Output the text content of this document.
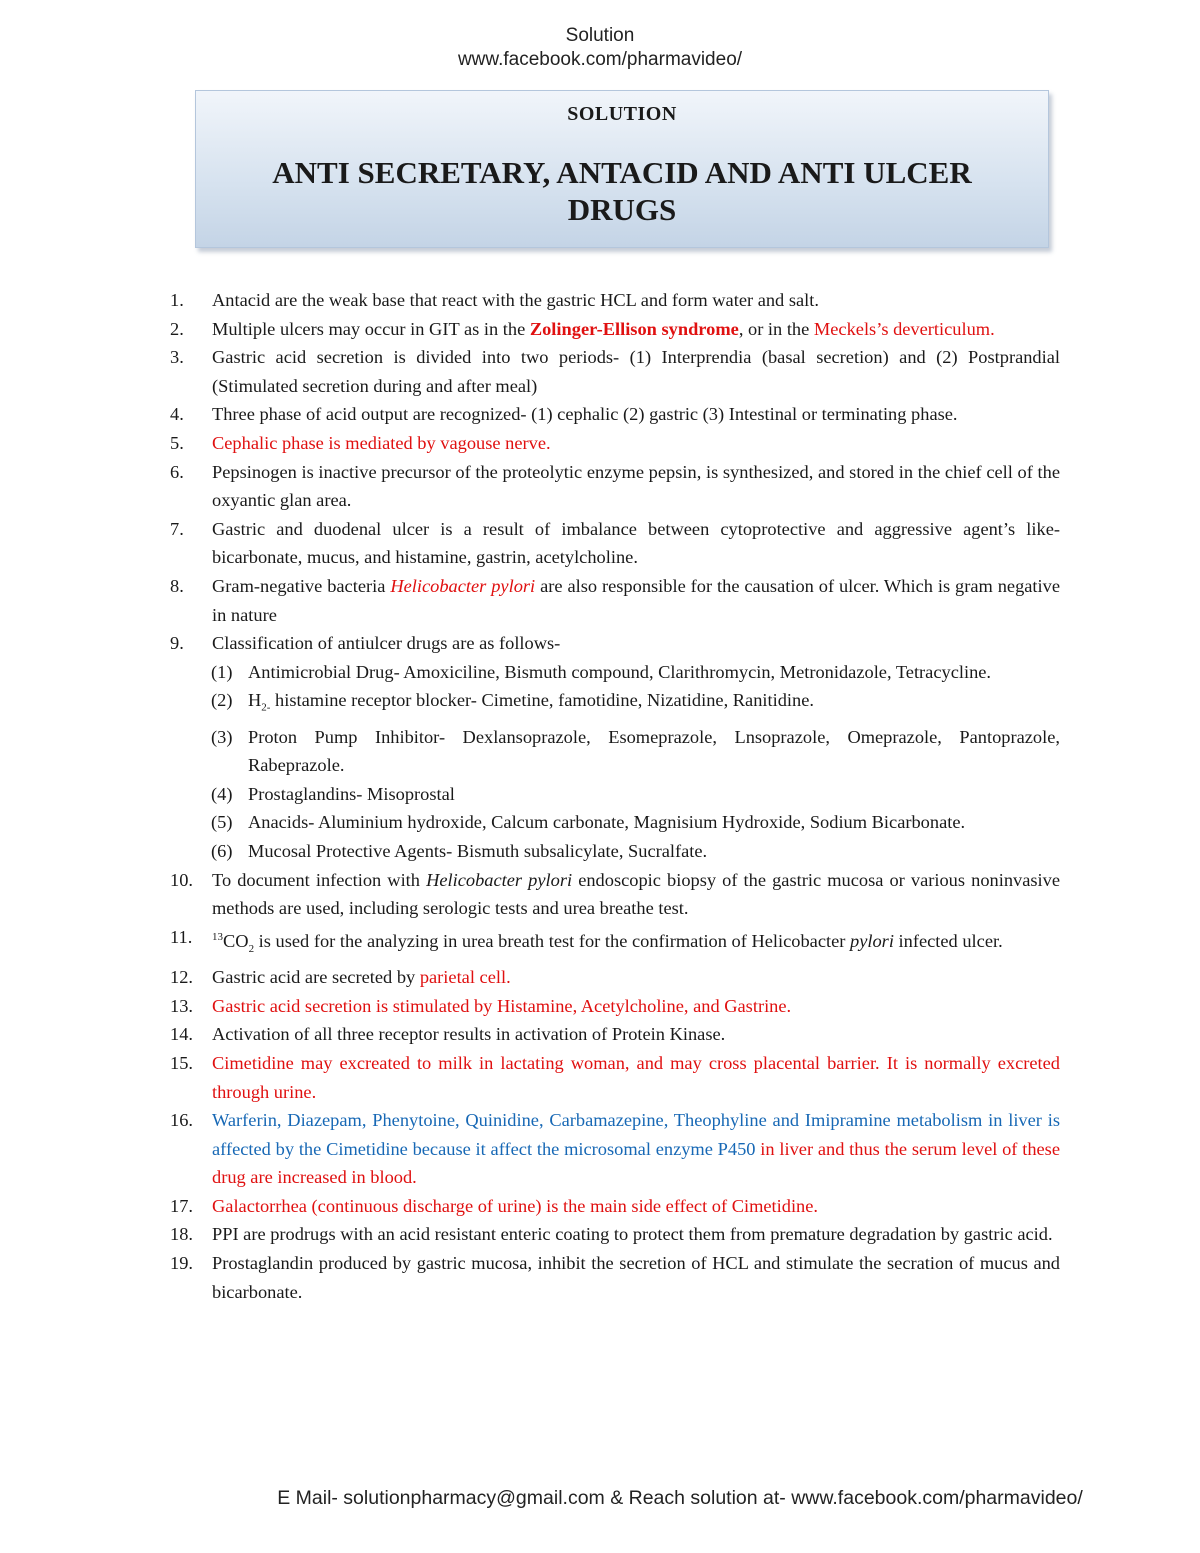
Solution
www.facebook.com/pharmavideo/
SOLUTION
ANTI SECRETARY, ANTACID AND ANTI ULCER
DRUGS
1. Antacid are the weak base that react with the gastric HCL and form water and salt.
2. Multiple ulcers may occur in GIT as in the Zolinger-Ellison syndrome, or in the Meckels’s deverticulum.
3. Gastric acid secretion is divided into two periods- (1) Interprendia (basal secretion) and (2) Postprandial (Stimulated secretion during and after meal)
4. Three phase of acid output are recognized- (1) cephalic (2) gastric (3) Intestinal or terminating phase.
5. Cephalic phase is mediated by vagouse nerve.
6. Pepsinogen is inactive precursor of the proteolytic enzyme pepsin, is synthesized, and stored in the chief cell of the oxyantic glan area.
7. Gastric and duodenal ulcer is a result of imbalance between cytoprotective and aggressive agent’s like- bicarbonate, mucus, and histamine, gastrin, acetylcholine.
8. Gram-negative bacteria Helicobacter pylori are also responsible for the causation of ulcer. Which is gram negative in nature
9. Classification of antiulcer drugs are as follows-
(1) Antimicrobial Drug- Amoxiciline, Bismuth compound, Clarithromycin, Metronidazole, Tetracycline.
(2) $H_{2-}$ histamine receptor blocker- Cimetine, famotidine, Nizatidine, Ranitidine.
(3) Proton Pump Inhibitor- Dexlansoprazole, Esomeprazole, Lnsoprazole, Omeprazole, Pantoprazole, Rabeprazole.
(4) Prostaglandins- Misoprostal
(5) Anacids- Aluminium hydroxide, Calcum carbonate, Magnisium Hydroxide, Sodium Bicarbonate.
(6) Mucosal Protective Agents- Bismuth subsalicylate, Sucralfate.
10. To document infection with Helicobacter pylori endoscopic biopsy of the gastric mucosa or various noninvasive methods are used, including serologic tests and urea breathe test.
11. $^{13}CO_2$ is used for the analyzing in urea breath test for the confirmation of Helicobacter pylori infected ulcer.
12. Gastric acid are secreted by parietal cell.
13. Gastric acid secretion is stimulated by Histamine, Acetylcholine, and Gastrine.
14. Activation of all three receptor results in activation of Protein Kinase.
15. Cimetidine may excreated to milk in lactating woman, and may cross placental barrier. It is normally excreted through urine.
16. Warferin, Diazepam, Phenytoine, Quinidine, Carbamazepine, Theophyline and Imipramine metabolism in liver is affected by the Cimetidine because it affect the microsomal enzyme P450 in liver and thus the serum level of these drug are increased in blood.
17. Galactorrhea (continuous discharge of urine) is the main side effect of Cimetidine.
18. PPI are prodrugs with an acid resistant enteric coating to protect them from premature degradation by gastric acid.
19. Prostaglandin produced by gastric mucosa, inhibit the secretion of HCL and stimulate the secration of mucus and bicarbonate.
E Mail- solutionpharmacy@gmail.com & Reach solution at- www.facebook.com/pharmavideo/
